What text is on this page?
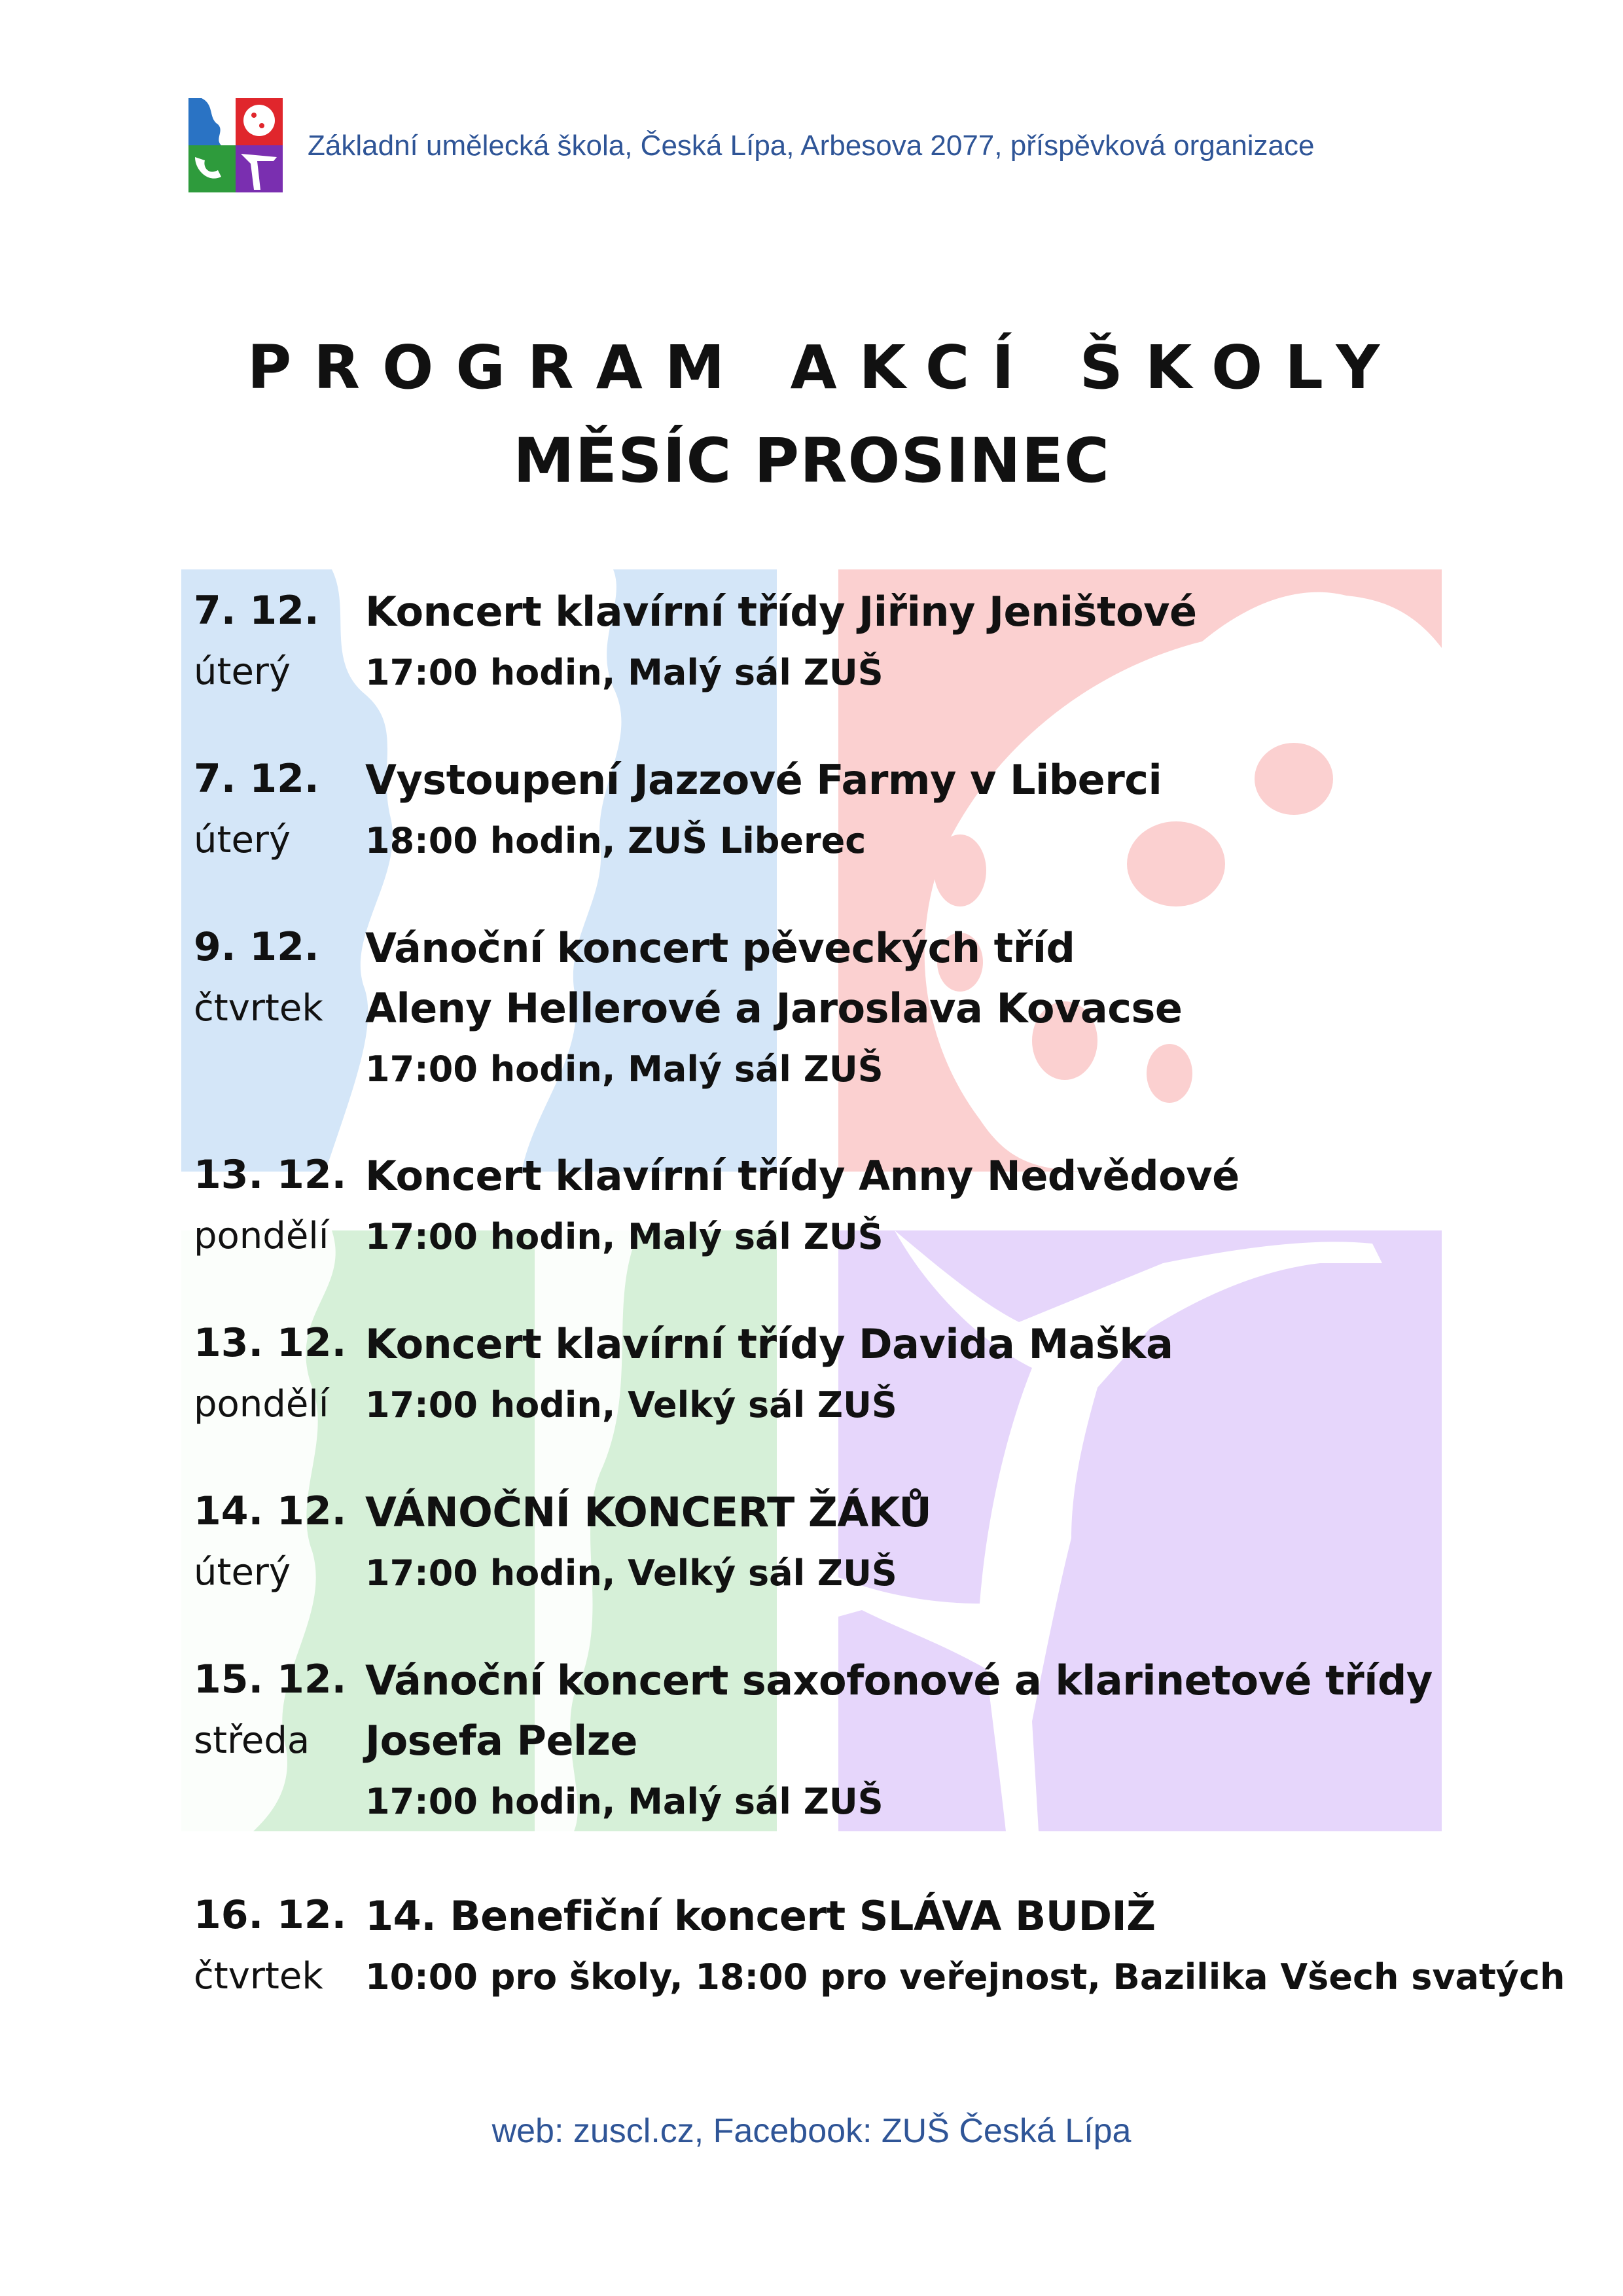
Základní umělecká škola, Česká Lípa, Arbesova 2077, příspěvková organizace
PROGRAM AKCÍ ŠKOLY
MĚSÍC PROSINEC
7. 12. Koncert klavírní třídy Jiřiny Jeništové
úterý 17:00 hodin, Malý sál ZUŠ
7. 12. Vystoupení Jazzové Farmy v Liberci
úterý 18:00 hodin, ZUŠ Liberec
9. 12. Vánoční koncert pěveckých tříd
čtvrtek Aleny Hellerové a Jaroslava Kovacse
17:00 hodin, Malý sál ZUŠ
13. 12. Koncert klavírní třídy Anny Nedvědové
pondělí 17:00 hodin, Malý sál ZUŠ
13. 12. Koncert klavírní třídy Davida Maška
pondělí 17:00 hodin, Velký sál ZUŠ
14. 12. VÁNOČNÍ KONCERT ŽÁKŮ
úterý 17:00 hodin, Velký sál ZUŠ
15. 12. Vánoční koncert saxofonové a klarinetové třídy
středa Josefa Pelze
17:00 hodin, Malý sál ZUŠ
16. 12. 14. Benefiční koncert SLÁVA BUDIŽ
čtvrtek 10:00 pro školy, 18:00 pro veřejnost, Bazilika Všech svatých
web: zuscl.cz, Facebook: ZUŠ Česká Lípa
